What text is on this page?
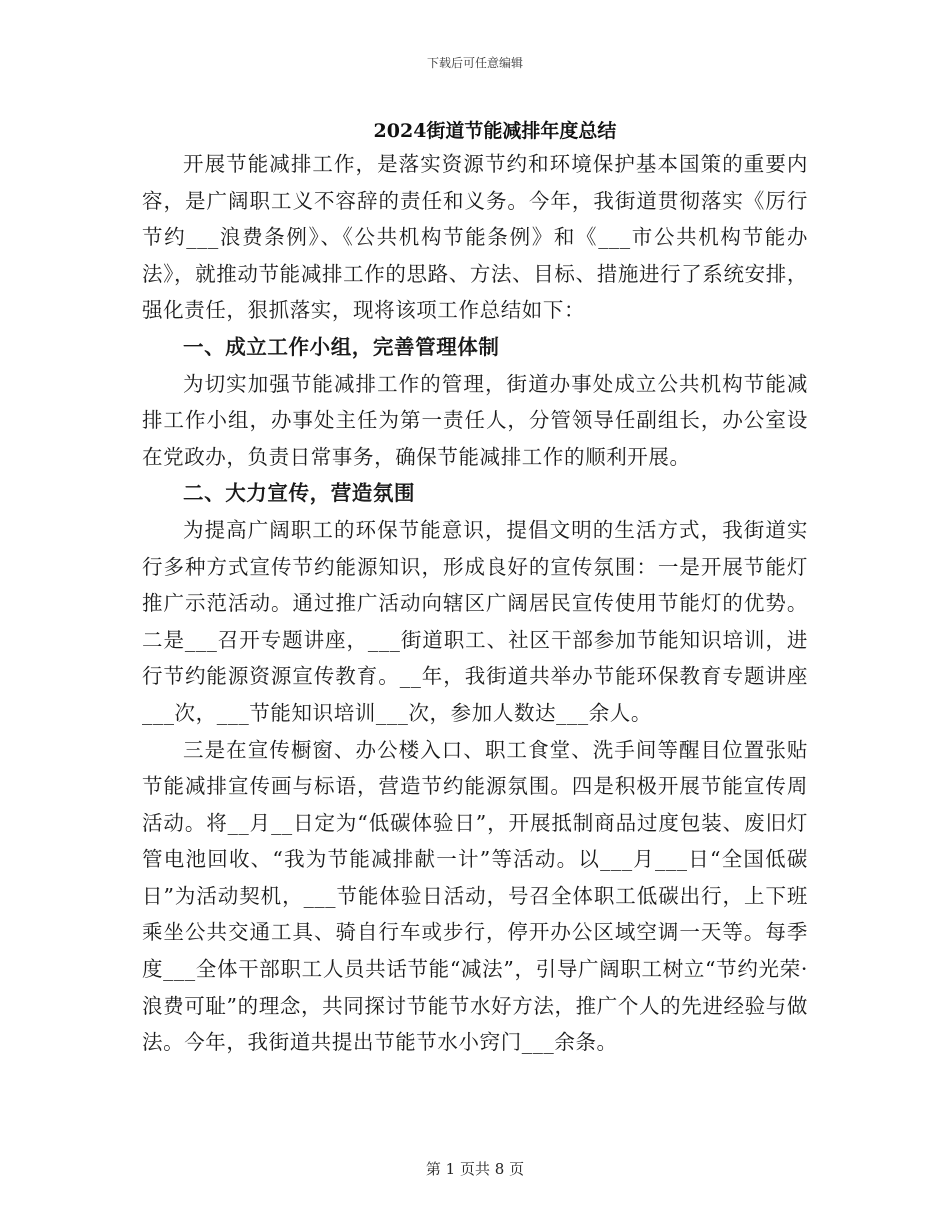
下载后可任意编辑
2024街道节能减排年度总结

开展节能减排工作，是落实资源节约和环境保护基本国策的重要内容，是广阔职工义不容辞的责任和义务。今年，我街道贯彻落实《厉行节约___浪费条例》、《公共机构节能条例》和《___市公共机构节能办法》，就推动节能减排工作的思路、方法、目标、措施进行了系统安排，强化责任，狠抓落实，现将该项工作总结如下：

一、成立工作小组，完善管理体制

为切实加强节能减排工作的管理，街道办事处成立公共机构节能减排工作小组，办事处主任为第一责任人，分管领导任副组长，办公室设在党政办，负责日常事务，确保节能减排工作的顺利开展。

二、大力宣传，营造氛围

为提高广阔职工的环保节能意识，提倡文明的生活方式，我街道实行多种方式宣传节约能源知识，形成良好的宣传氛围：一是开展节能灯推广示范活动。通过推广活动向辖区广阔居民宣传使用节能灯的优势。二是___召开专题讲座，___街道职工、社区干部参加节能知识培训，进行节约能源资源宣传教育。__年，我街道共举办节能环保教育专题讲座___次，___节能知识培训___次，参加人数达___余人。

三是在宣传橱窗、办公楼入口、职工食堂、洗手间等醒目位置张贴节能减排宣传画与标语，营造节约能源氛围。四是积极开展节能宣传周活动。将__月__日定为“低碳体验日”，开展抵制商品过度包装、废旧灯管电池回收、“我为节能减排献一计”等活动。以___月___日“全国低碳日”为活动契机，___节能体验日活动，号召全体职工低碳出行，上下班乘坐公共交通工具、骑自行车或步行，停开办公区域空调一天等。每季度___全体干部职工人员共话节能“减法”，引导广阔职工树立“节约光荣·浪费可耻”的理念，共同探讨节能节水好方法，推广个人的先进经验与做法。今年，我街道共提出节能节水小窍门___余条。

第 1 页共 8 页
